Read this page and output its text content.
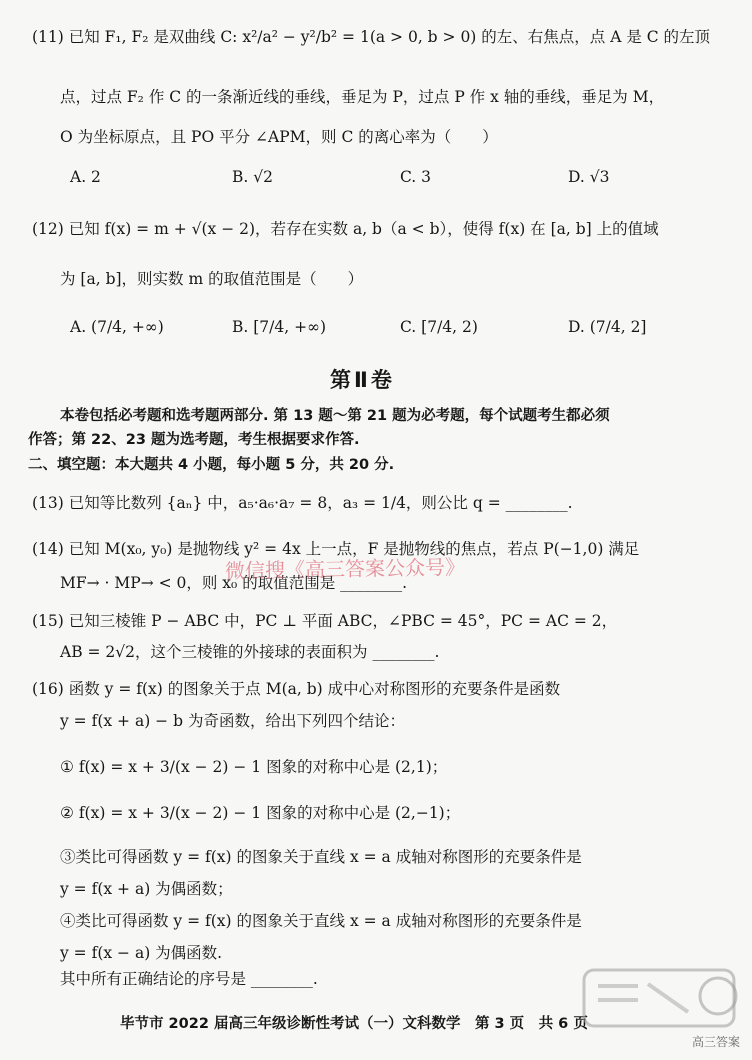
(11) 已知 F₁, F₂ 是双曲线 C: x²/a² − y²/b² = 1(a > 0, b > 0) 的左、右焦点，点 A 是 C 的左顶
点，过点 F₂ 作 C 的一条渐近线的垂线，垂足为 P，过点 P 作 x 轴的垂线，垂足为 M，
O 为坐标原点，且 PO 平分 ∠APM，则 C 的离心率为（　　）
A. 2	B. √2	C. 3	D. √3
(12) 已知 f(x) = m + √(x − 2)，若存在实数 a, b（a < b），使得 f(x) 在 [a, b] 上的值域
为 [a, b]，则实数 m 的取值范围是（　　）
A. (7/4, +∞)	B. [7/4, +∞)	C. [7/4, 2)	D. (7/4, 2]
第Ⅱ卷
本卷包括必考题和选考题两部分. 第 13 题～第 21 题为必考题，每个试题考生都必须
作答；第 22、23 题为选考题，考生根据要求作答.
二、填空题：本大题共 4 小题，每小题 5 分，共 20 分.
(13) 已知等比数列 {aₙ} 中，a₅·a₆·a₇ = 8，a₃ = 1/4，则公比 q = ________.
(14) 已知 M(x₀, y₀) 是抛物线 y² = 4x 上一点，F 是抛物线的焦点，若点 P(−1,0) 满足
MF→ · MP→ < 0，则 x₀ 的取值范围是 ________.
(15) 已知三棱锥 P − ABC 中，PC ⊥ 平面 ABC，∠PBC = 45°，PC = AC = 2，
AB = 2√2，这个三棱锥的外接球的表面积为 ________.
(16) 函数 y = f(x) 的图象关于点 M(a, b) 成中心对称图形的充要条件是函数
y = f(x + a) − b 为奇函数，给出下列四个结论：
① f(x) = x + 3/(x − 2) − 1 图象的对称中心是 (2,1)；
② f(x) = x + 3/(x − 2) − 1 图象的对称中心是 (2,−1)；
③类比可得函数 y = f(x) 的图象关于直线 x = a 成轴对称图形的充要条件是
y = f(x + a) 为偶函数；
④类比可得函数 y = f(x) 的图象关于直线 x = a 成轴对称图形的充要条件是
y = f(x − a) 为偶函数.
其中所有正确结论的序号是 ________.
微信搜《高三答案公众号》
毕节市 2022 届高三年级诊断性考试（一）文科数学　第 3 页　共 6 页
高三答案
